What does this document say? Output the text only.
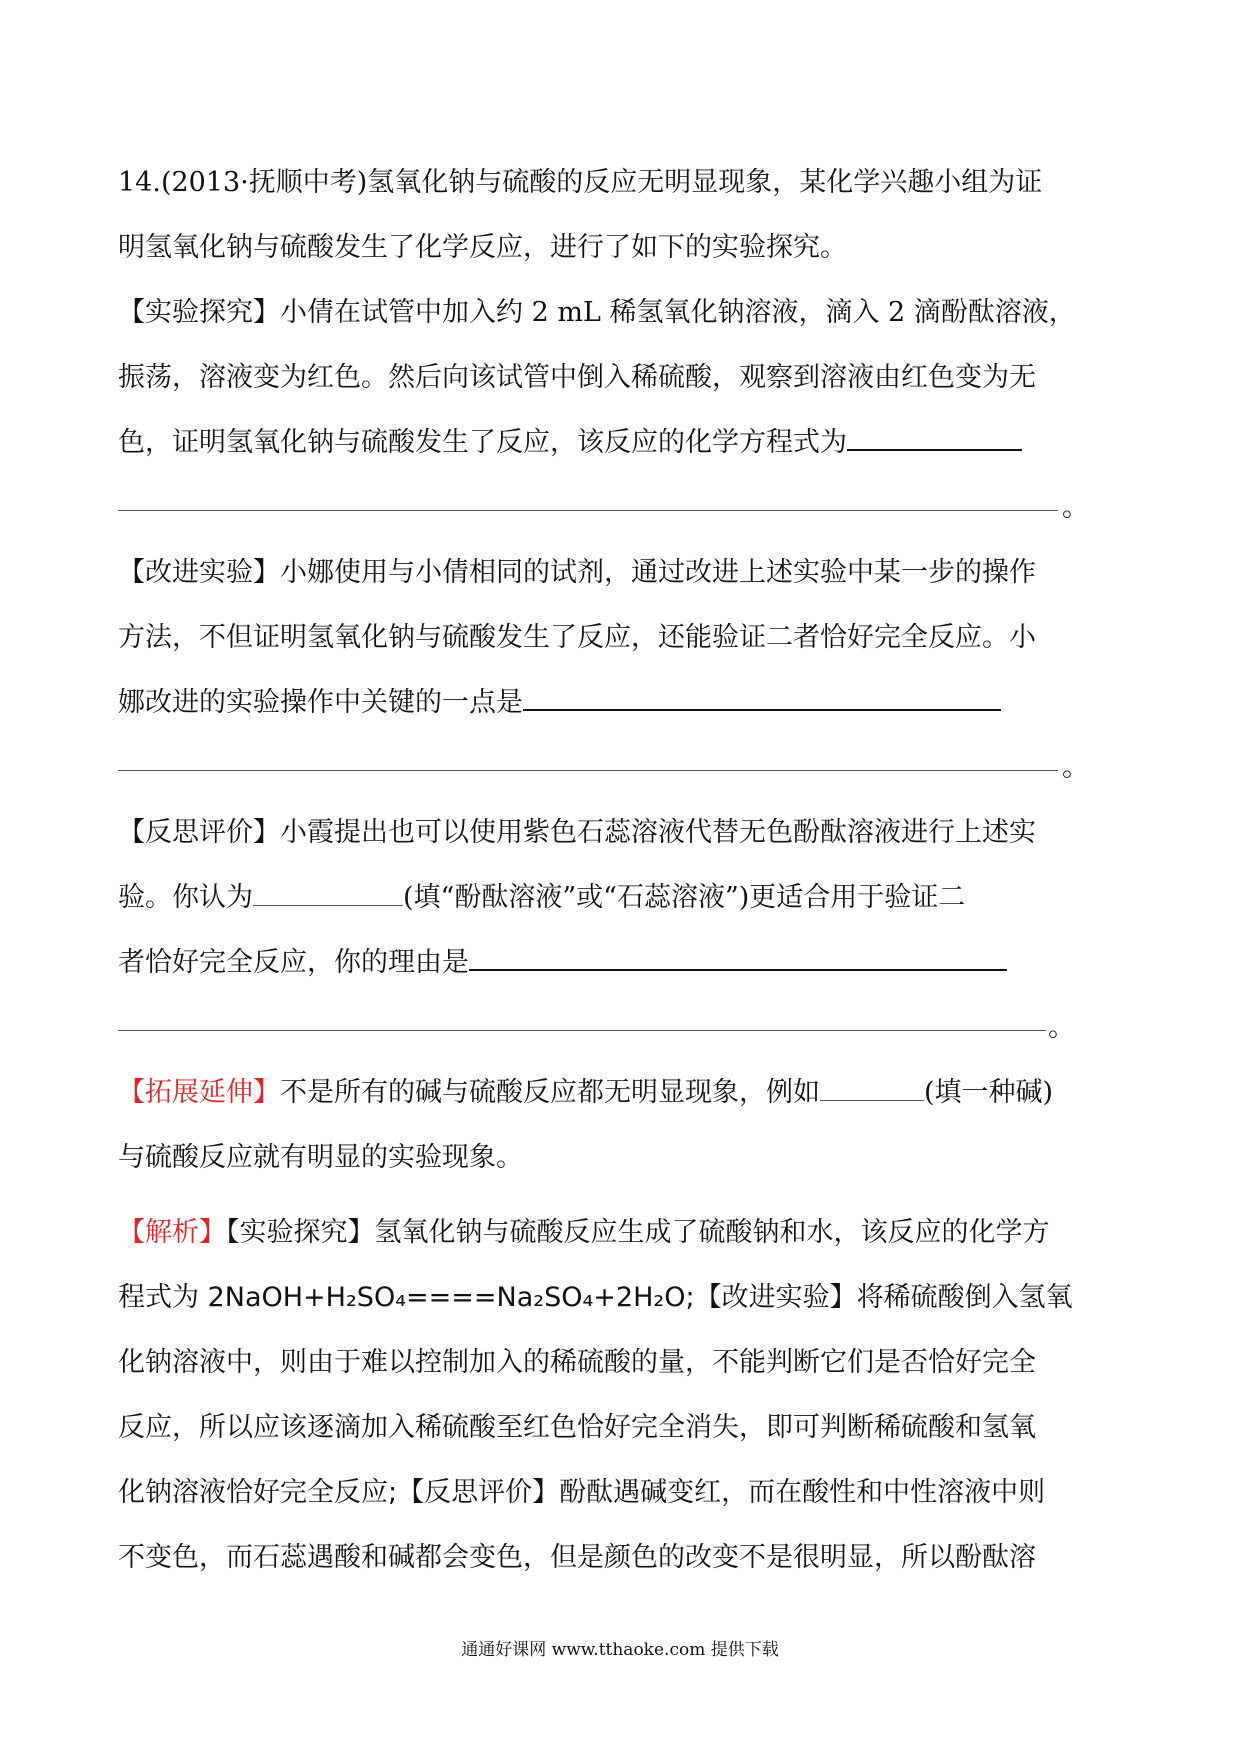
14.(2013·抚顺中考)氢氧化钠与硫酸的反应无明显现象，某化学兴趣小组为证

明氢氧化钠与硫酸发生了化学反应，进行了如下的实验探究。

【实验探究】小倩在试管中加入约 2 mL 稀氢氧化钠溶液，滴入 2 滴酚酞溶液，

振荡，溶液变为红色。然后向该试管中倒入稀硫酸，观察到溶液由红色变为无

色，证明氢氧化钠与硫酸发生了反应，该反应的化学方程式为

。

【改进实验】小娜使用与小倩相同的试剂，通过改进上述实验中某一步的操作

方法，不但证明氢氧化钠与硫酸发生了反应，还能验证二者恰好完全反应。小

娜改进的实验操作中关键的一点是

。

【反思评价】小霞提出也可以使用紫色石蕊溶液代替无色酚酞溶液进行上述实

验。你认为	(填“酚酞溶液”或“石蕊溶液”)更适合用于验证二

者恰好完全反应，你的理由是

。

【拓展延伸】不是所有的碱与硫酸反应都无明显现象，例如	(填一种碱)

与硫酸反应就有明显的实验现象。

【解析】【实验探究】氢氧化钠与硫酸反应生成了硫酸钠和水，该反应的化学方

程式为 2NaOH+H₂SO₄====Na₂SO₄+2H₂O;【改进实验】将稀硫酸倒入氢氧

化钠溶液中，则由于难以控制加入的稀硫酸的量，不能判断它们是否恰好完全

反应，所以应该逐滴加入稀硫酸至红色恰好完全消失，即可判断稀硫酸和氢氧

化钠溶液恰好完全反应;【反思评价】酚酞遇碱变红，而在酸性和中性溶液中则

不变色，而石蕊遇酸和碱都会变色，但是颜色的改变不是很明显，所以酚酞溶

通通好课网 www.tthaoke.com 提供下载
